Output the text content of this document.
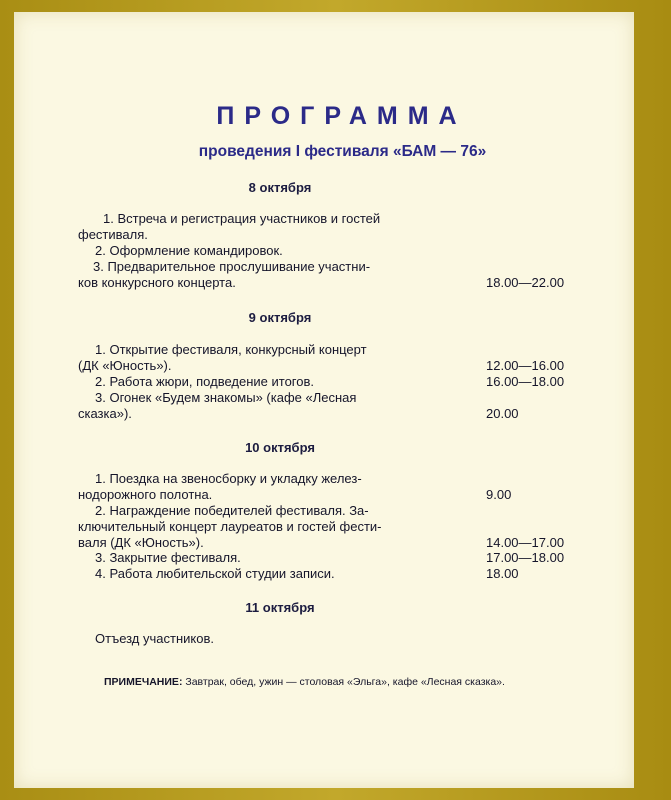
ПРОГРАММА
проведения I фестиваля «БАМ — 76»
8 октября
1. Встреча и регистрация участников и гостей
фестиваля.
2. Оформление командировок.
3. Предварительное прослушивание участни-
ков конкурсного концерта.	18.00—22.00
9 октября
1. Открытие фестиваля, конкурсный концерт
(ДК «Юность»).	12.00—16.00
2. Работа жюри, подведение итогов.	16.00—18.00
3. Огонек «Будем знакомы» (кафе «Лесная
сказка»).	20.00
10 октября
1. Поездка на звеносборку и укладку желез-
нодорожного полотна.	9.00
2. Награждение победителей фестиваля. За-
ключительный концерт лауреатов и гостей фести-
валя (ДК «Юность»).	14.00—17.00
3. Закрытие фестиваля.	17.00—18.00
4. Работа любительской студии записи.	18.00
11 октября
Отъезд участников.
ПРИМЕЧАНИЕ: Завтрак, обед, ужин — столовая «Эльга», кафе «Лесная сказка».
